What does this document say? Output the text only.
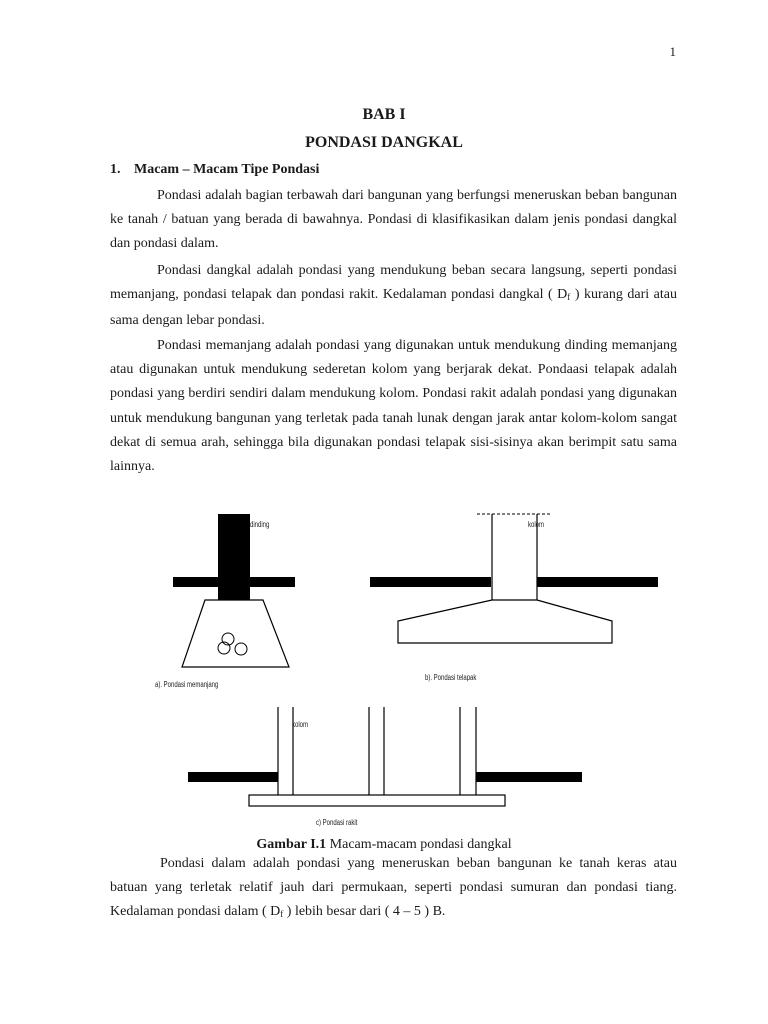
1
BAB I
PONDASI DANGKAL
1. Macam – Macam Tipe Pondasi

Pondasi adalah bagian terbawah dari bangunan yang berfungsi meneruskan beban bangunan ke tanah / batuan yang berada di bawahnya. Pondasi di klasifikasikan dalam jenis pondasi dangkal dan pondasi dalam.

Pondasi dangkal adalah pondasi yang mendukung beban secara langsung, seperti pondasi memanjang, pondasi telapak dan pondasi rakit. Kedalaman pondasi dangkal ( $D_f$ ) kurang dari atau sama dengan lebar pondasi.

Pondasi memanjang adalah pondasi yang digunakan untuk mendukung dinding memanjang atau digunakan untuk mendukung sederetan kolom yang berjarak dekat. Pondaasi telapak adalah pondasi yang berdiri sendiri dalam mendukung kolom. Pondasi rakit adalah pondasi yang digunakan untuk mendukung bangunan yang terletak pada tanah lunak dengan jarak antar kolom-kolom sangat dekat di semua arah, sehingga bila digunakan pondasi telapak sisi-sisinya akan berimpit satu sama lainnya.

dinding	kolom
a). Pondasi memanjang
b). Pondasi telapak
kolom
c) Pondasi rakit
Gambar I.1 Macam-macam pondasi dangkal

Pondasi dalam adalah pondasi yang meneruskan beban bangunan ke tanah keras atau batuan yang terletak relatif jauh dari permukaan, seperti pondasi sumuran dan pondasi tiang. Kedalaman pondasi dalam ( $D_f$ ) lebih besar dari ( 4 – 5 ) B.
